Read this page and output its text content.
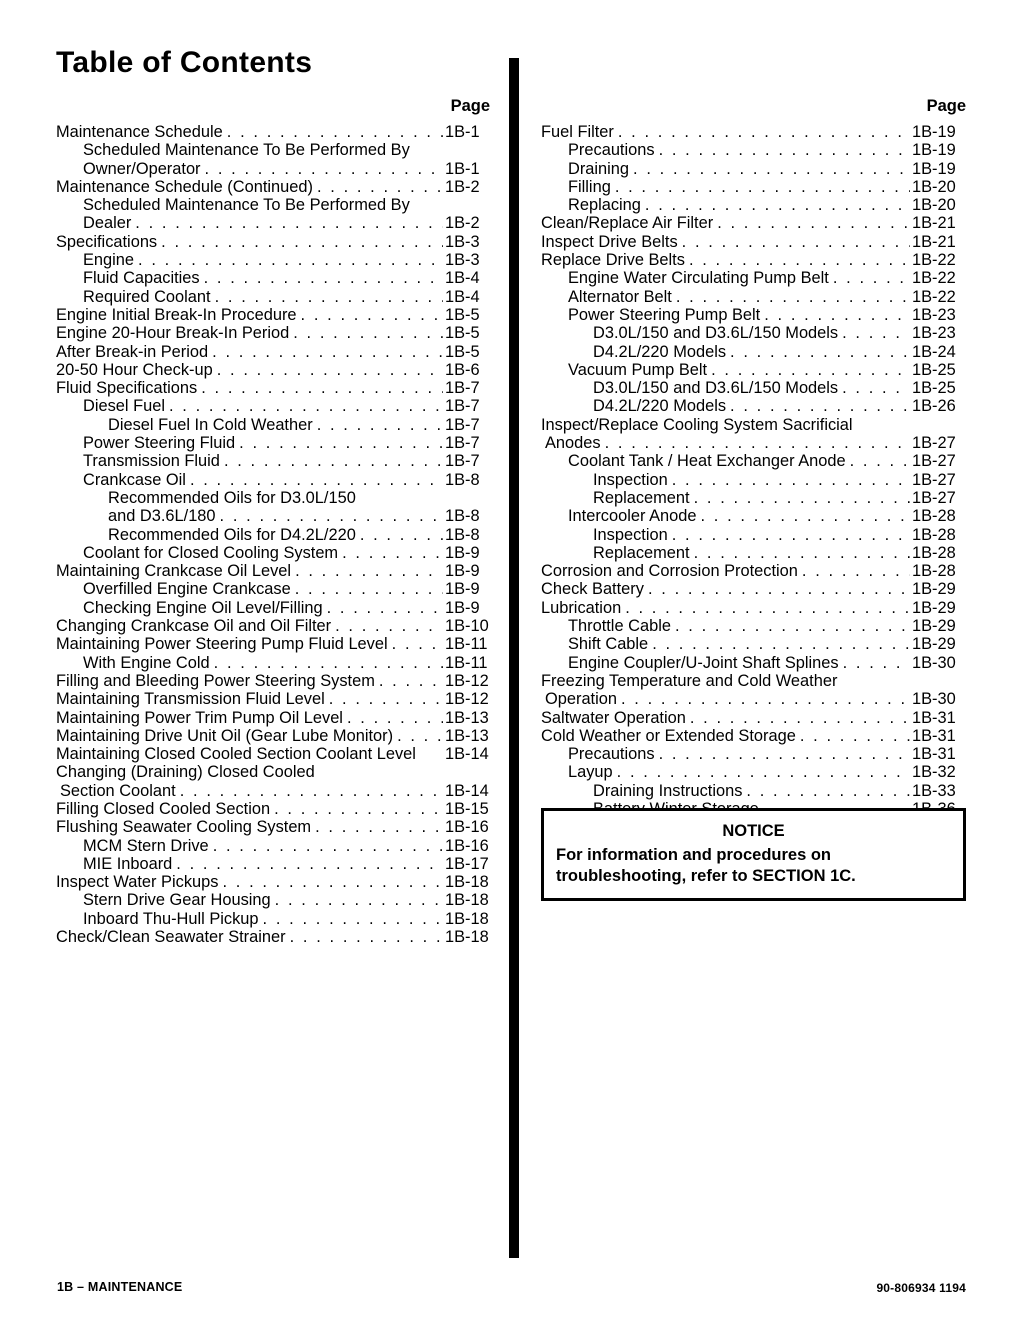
Table of Contents
Page
Maintenance Schedule . . .	1B-1
Scheduled Maintenance To Be Performed By
Owner/Operator . . .	1B-1
Maintenance Schedule (Continued) . . .	1B-2
Scheduled Maintenance To Be Performed By
Dealer . . .	1B-2
Specifications . . .	1B-3
Engine . . .	1B-3
Fluid Capacities . . .	1B-4
Required Coolant . . .	1B-4
Engine Initial Break-In Procedure . . .	1B-5
Engine 20-Hour Break-In Period . . .	1B-5
After Break-in Period . . .	1B-5
20-50 Hour Check-up . . .	1B-6
Fluid Specifications . . .	1B-7
Diesel Fuel . . .	1B-7
Diesel Fuel In Cold Weather . . .	1B-7
Power Steering Fluid . . .	1B-7
Transmission Fluid . . .	1B-7
Crankcase Oil . . .	1B-8
Recommended Oils for D3.0L/150
and D3.6L/180 . . .	1B-8
Recommended Oils for D4.2L/220 . . .	1B-8
Coolant for Closed Cooling System . . .	1B-9
Maintaining Crankcase Oil Level . . .	1B-9
Overfilled Engine Crankcase . . .	1B-9
Checking Engine Oil Level/Filling . . .	1B-9
Changing Crankcase Oil and Oil Filter . . .	1B-10
Maintaining Power Steering Pump Fluid Level . . .	1B-11
With Engine Cold . . .	1B-11
Filling and Bleeding Power Steering System . . .	1B-12
Maintaining Transmission Fluid Level . . .	1B-12
Maintaining Power Trim Pump Oil Level . . .	1B-13
Maintaining Drive Unit Oil (Gear Lube Monitor) . . .	1B-13
Maintaining Closed Cooled Section Coolant Level 1B-14
Changing (Draining) Closed Cooled
Section Coolant . . .	1B-14
Filling Closed Cooled Section . . .	1B-15
Flushing Seawater Cooling System . . .	1B-16
MCM Stern Drive . . .	1B-16
MIE Inboard . . .	1B-17
Inspect Water Pickups . . .	1B-18
Stern Drive Gear Housing . . .	1B-18
Inboard Thu-Hull Pickup . . .	1B-18
Check/Clean Seawater Strainer . . .	1B-18
Page
Fuel Filter . . .	1B-19
Precautions . . .	1B-19
Draining . . .	1B-19
Filling . . .	1B-20
Replacing . . .	1B-20
Clean/Replace Air Filter . . .	1B-21
Inspect Drive Belts . . .	1B-21
Replace Drive Belts . . .	1B-22
Engine Water Circulating Pump Belt . . .	1B-22
Alternator Belt . . .	1B-22
Power Steering Pump Belt . . .	1B-23
D3.0L/150 and D3.6L/150 Models . . .	1B-23
D4.2L/220 Models . . .	1B-24
Vacuum Pump Belt . . .	1B-25
D3.0L/150 and D3.6L/150 Models . . .	1B-25
D4.2L/220 Models . . .	1B-26
Inspect/Replace Cooling System Sacrificial
Anodes . . .	1B-27
Coolant Tank / Heat Exchanger Anode . . .	1B-27
Inspection . . .	1B-27
Replacement . . .	1B-27
Intercooler Anode . . .	1B-28
Inspection . . .	1B-28
Replacement . . .	1B-28
Corrosion and Corrosion Protection . . .	1B-28
Check Battery . . .	1B-29
Lubrication . . .	1B-29
Throttle Cable . . .	1B-29
Shift Cable . . .	1B-29
Engine Coupler/U-Joint Shaft Splines . . .	1B-30
Freezing Temperature and Cold Weather
Operation . . .	1B-30
Saltwater Operation . . .	1B-31
Cold Weather or Extended Storage . . .	1B-31
Precautions . . .	1B-31
Layup . . .	1B-32
Draining Instructions . . .	1B-33
. . .
. . .
NOTICE
For information and procedures on troubleshooting, refer to SECTION 1C.
1B – MAINTENANCE	90-806934 1194
